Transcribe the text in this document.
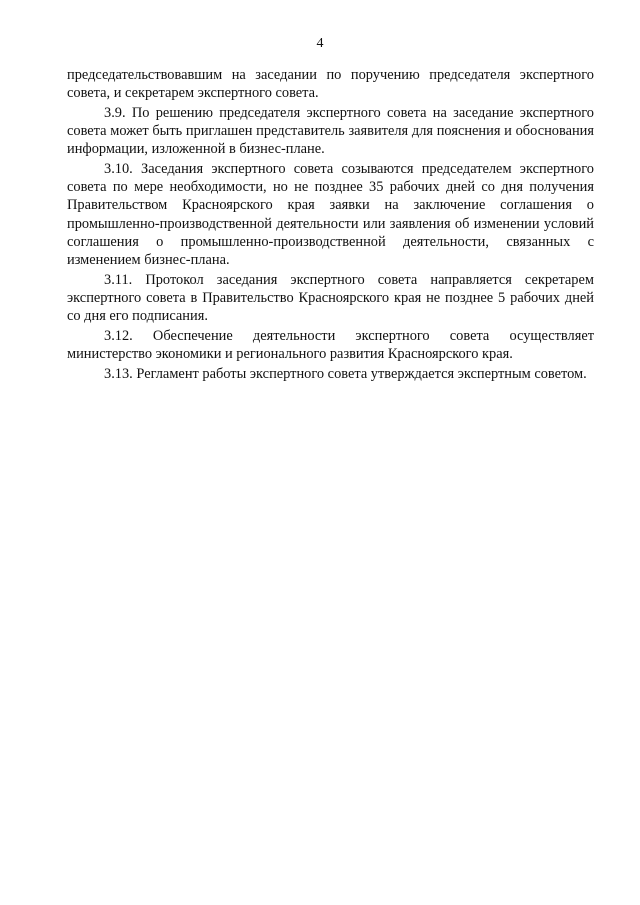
4

председательствовавшим на заседании по поручению председателя экспертного совета, и секретарем экспертного совета.

3.9. По решению председателя экспертного совета на заседание экспертного совета может быть приглашен представитель заявителя для пояснения и обоснования информации, изложенной в бизнес-плане.

3.10. Заседания экспертного совета созываются председателем экспертного совета по мере необходимости, но не позднее 35 рабочих дней со дня получения Правительством Красноярского края заявки на заключение соглашения о промышленно-производственной деятельности или заявления об изменении условий соглашения о промышленно-производственной деятельности, связанных с изменением бизнес-плана.

3.11. Протокол заседания экспертного совета направляется секретарем экспертного совета в Правительство Красноярского края не позднее 5 рабочих дней со дня его подписания.

3.12. Обеспечение деятельности экспертного совета осуществляет министерство экономики и регионального развития Красноярского края.

3.13. Регламент работы экспертного совета утверждается экспертным советом.
